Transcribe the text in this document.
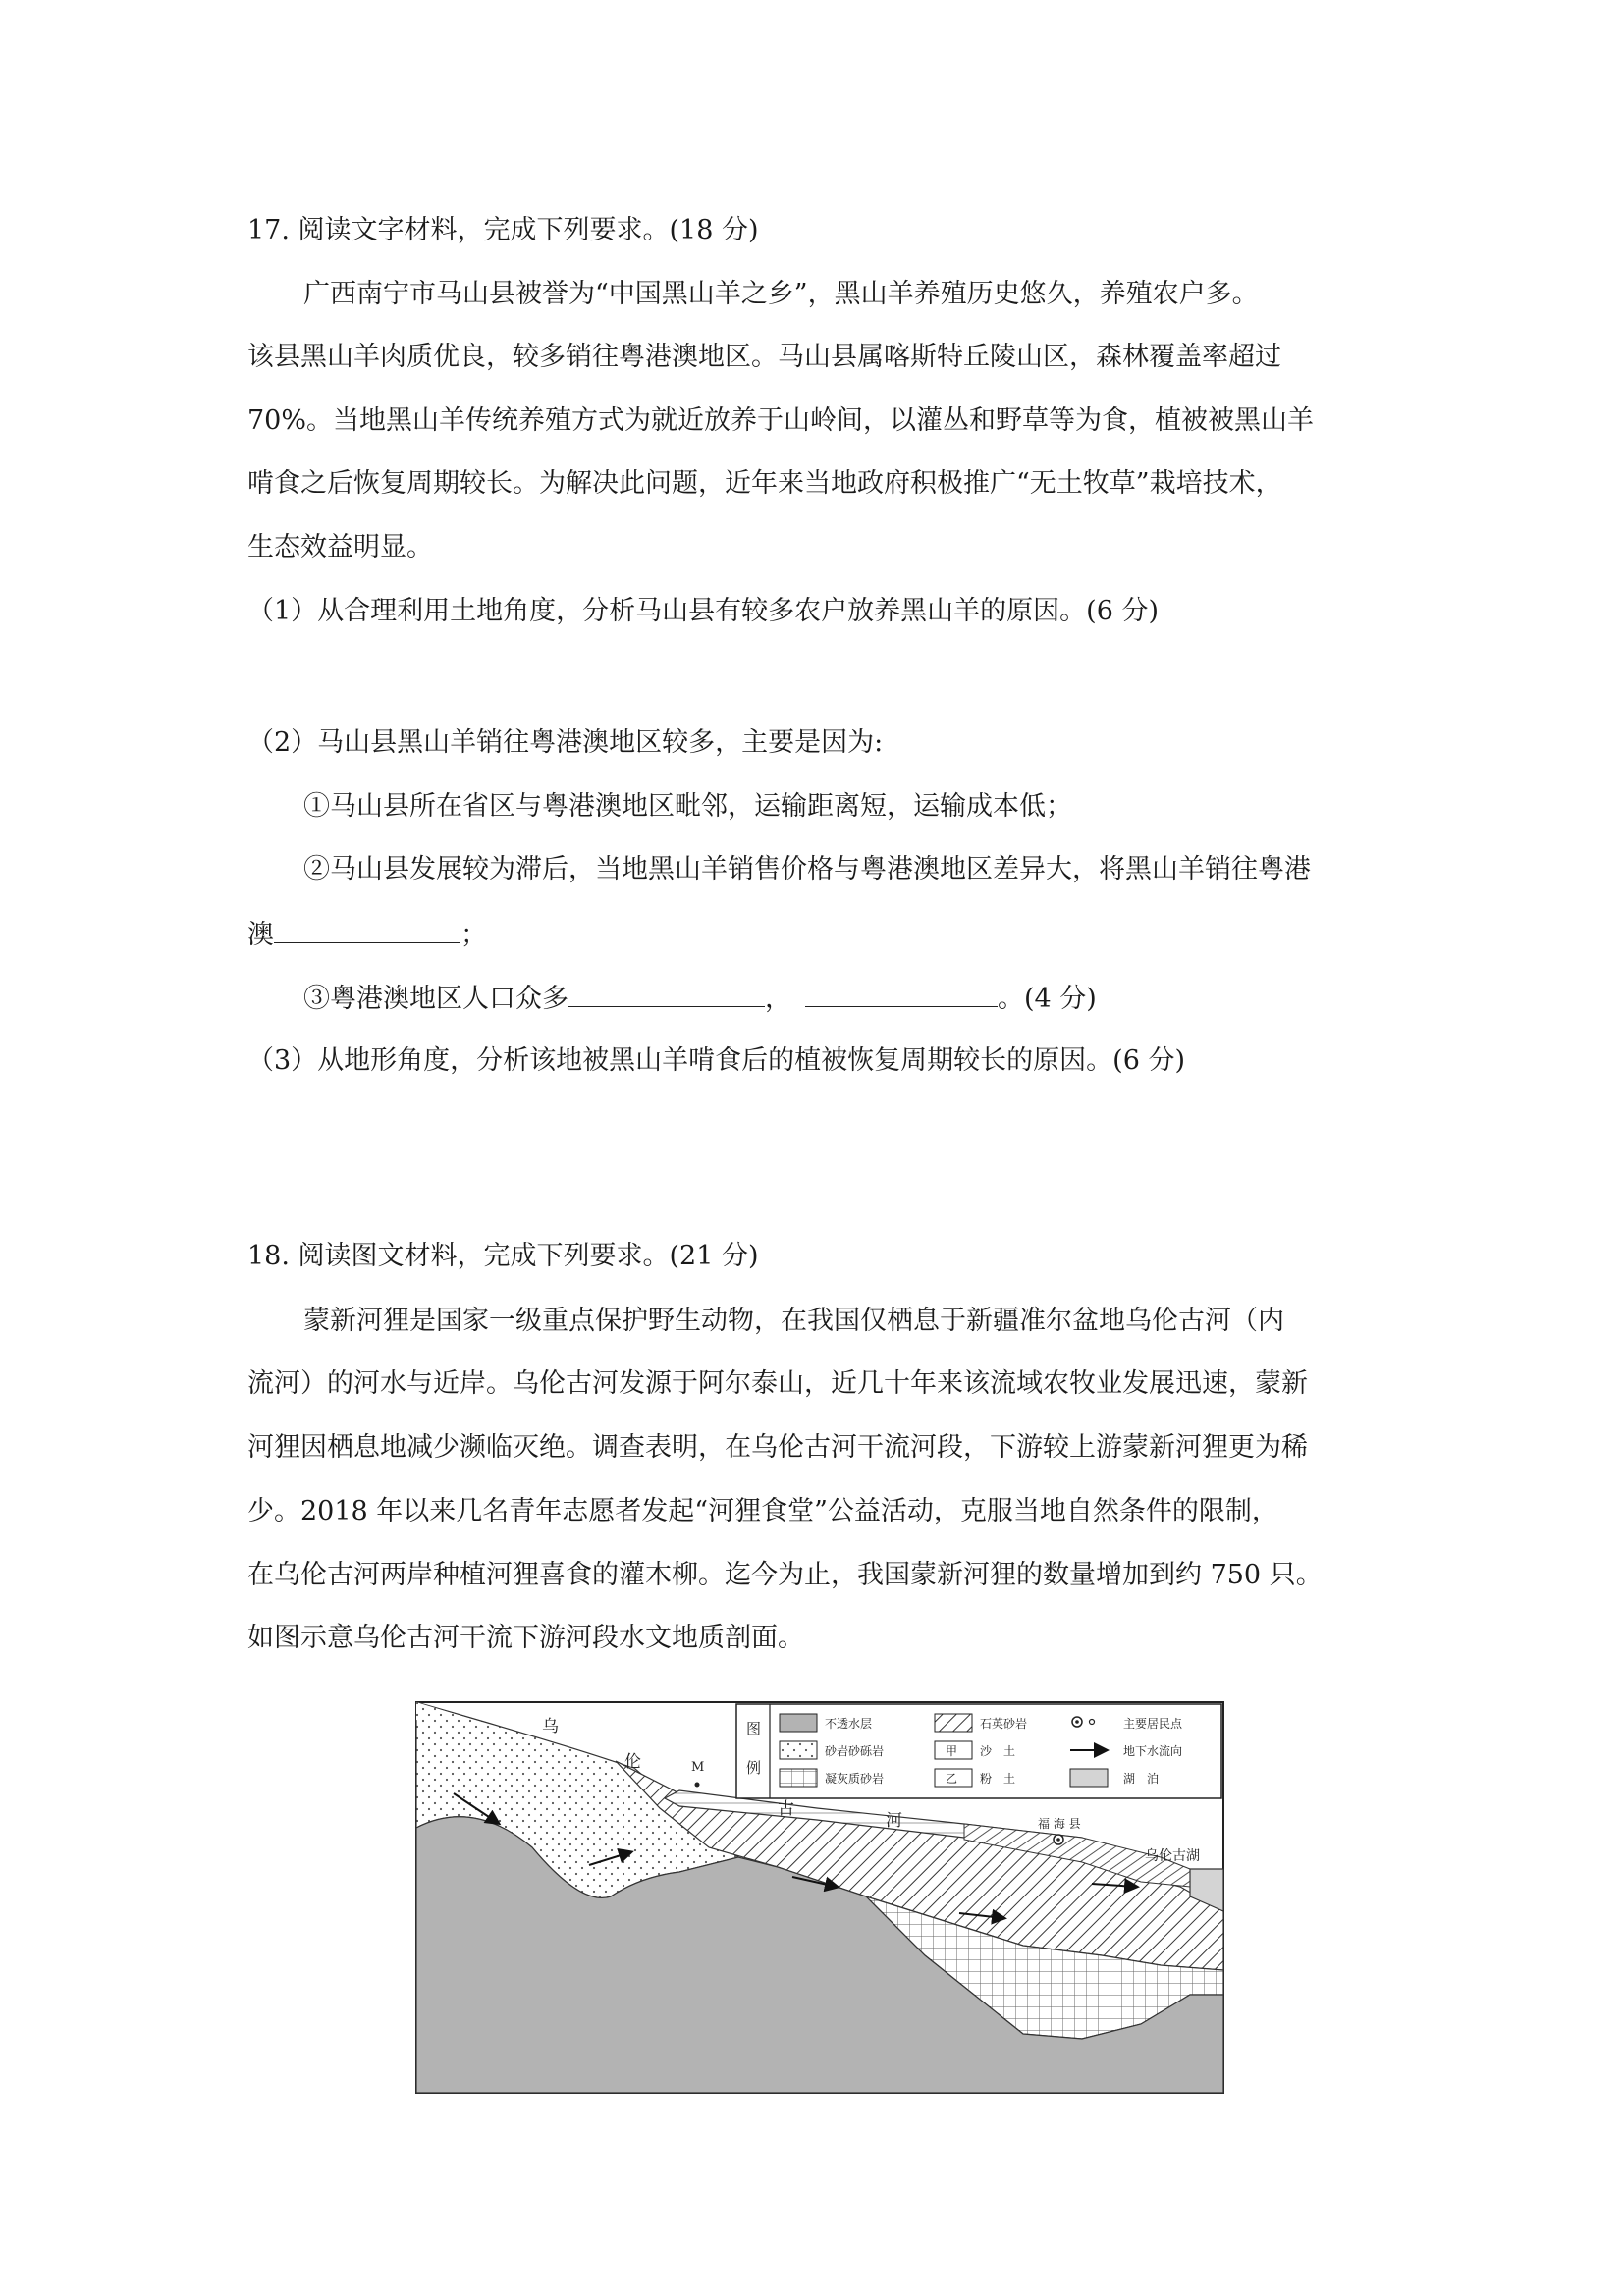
17. 阅读文字材料，完成下列要求。(18 分)
广西南宁市马山县被誉为“中国黑山羊之乡”，黑山羊养殖历史悠久，养殖农户多。
该县黑山羊肉质优良，较多销往粤港澳地区。马山县属喀斯特丘陵山区，森林覆盖率超过
70%。当地黑山羊传统养殖方式为就近放养于山岭间，以灌丛和野草等为食，植被被黑山羊
啃食之后恢复周期较长。为解决此问题，近年来当地政府积极推广“无土牧草”栽培技术，
生态效益明显。
（1）从合理利用土地角度，分析马山县有较多农户放养黑山羊的原因。(6 分)
（2）马山县黑山羊销往粤港澳地区较多，主要是因为:
①马山县所在省区与粤港澳地区毗邻，运输距离短，运输成本低；
②马山县发展较为滞后，当地黑山羊销售价格与粤港澳地区差异大，将黑山羊销往粤港
澳	；
③粤港澳地区人口众多	，	。(4 分)
（3）从地形角度，分析该地被黑山羊啃食后的植被恢复周期较长的原因。(6 分)
18. 阅读图文材料，完成下列要求。(21 分)
蒙新河狸是国家一级重点保护野生动物，在我国仅栖息于新疆准尔盆地乌伦古河（内
流河）的河水与近岸。乌伦古河发源于阿尔泰山，近几十年来该流域农牧业发展迅速，蒙新
河狸因栖息地减少濒临灭绝。调查表明，在乌伦古河干流河段，下游较上游蒙新河狸更为稀
少。2018 年以来几名青年志愿者发起“河狸食堂”公益活动，克服当地自然条件的限制，
在乌伦古河两岸种植河狸喜食的灌木柳。迄今为止，我国蒙新河狸的数量增加到约 750 只。
如图示意乌伦古河干流下游河段水文地质剖面。
M
福 海 县
乌
伦
古
河
乌伦古湖
图
例
不透水层
砂岩砂砾岩
凝灰质砂岩
石英砂岩
甲 沙　土
乙 粉　土
主要居民点
地下水流向
湖　泊
